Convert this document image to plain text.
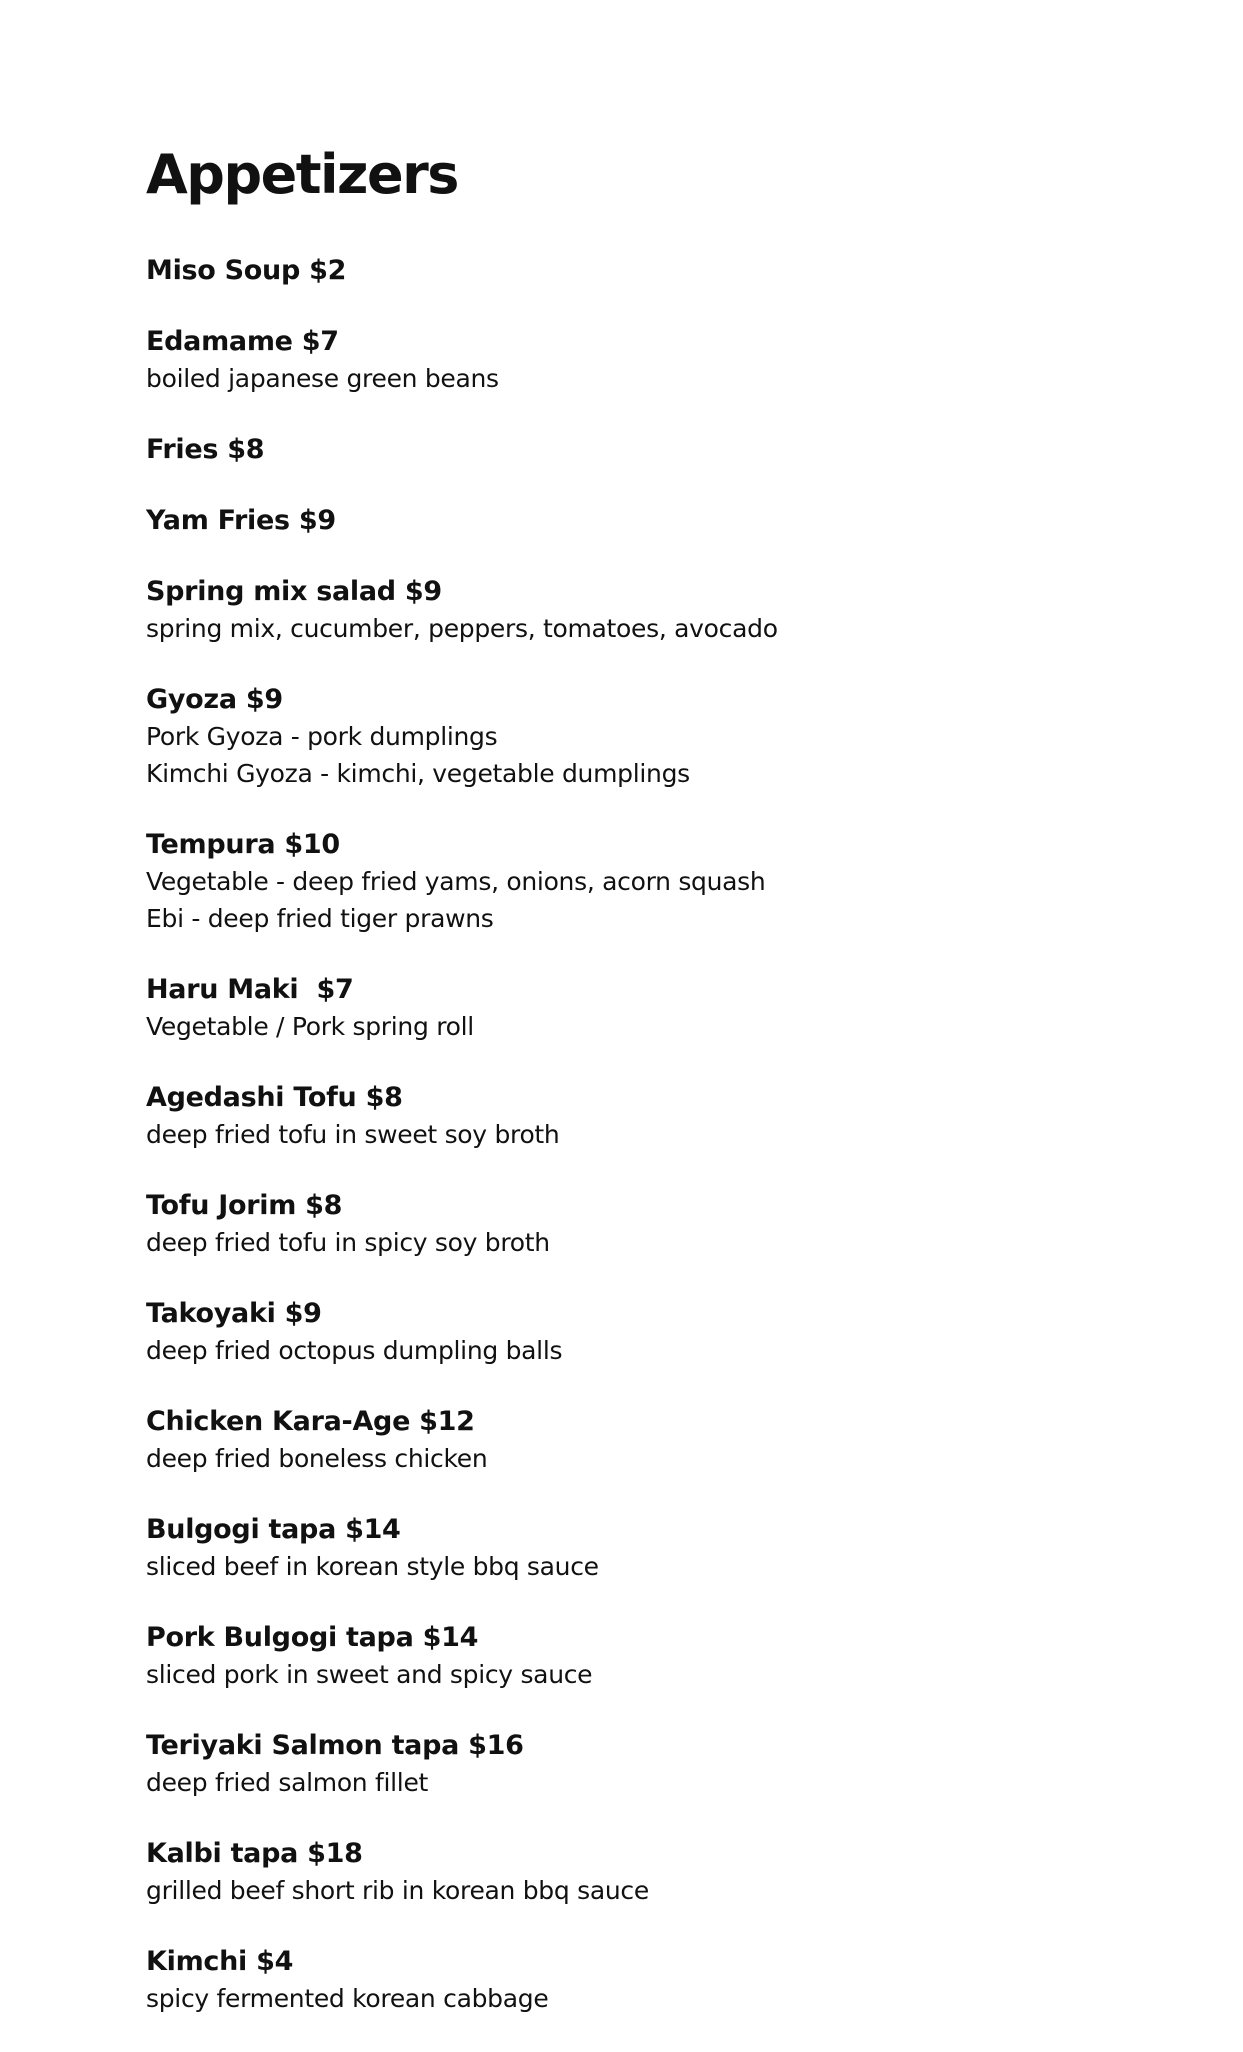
Appetizers
Miso Soup $2
Edamame $7
boiled japanese green beans
Fries $8
Yam Fries $9
Spring mix salad $9
spring mix, cucumber, peppers, tomatoes, avocado
Gyoza $9
Pork Gyoza - pork dumplings
Kimchi Gyoza - kimchi, vegetable dumplings
Tempura $10
Vegetable - deep fried yams, onions, acorn squash
Ebi - deep fried tiger prawns
Haru Maki  $7
Vegetable / Pork spring roll
Agedashi Tofu $8
deep fried tofu in sweet soy broth
Tofu Jorim $8
deep fried tofu in spicy soy broth
Takoyaki $9
deep fried octopus dumpling balls
Chicken Kara-Age $12
deep fried boneless chicken
Bulgogi tapa $14
sliced beef in korean style bbq sauce
Pork Bulgogi tapa $14
sliced pork in sweet and spicy sauce
Teriyaki Salmon tapa $16
deep fried salmon fillet
Kalbi tapa $18
grilled beef short rib in korean bbq sauce
Kimchi $4
spicy fermented korean cabbage
